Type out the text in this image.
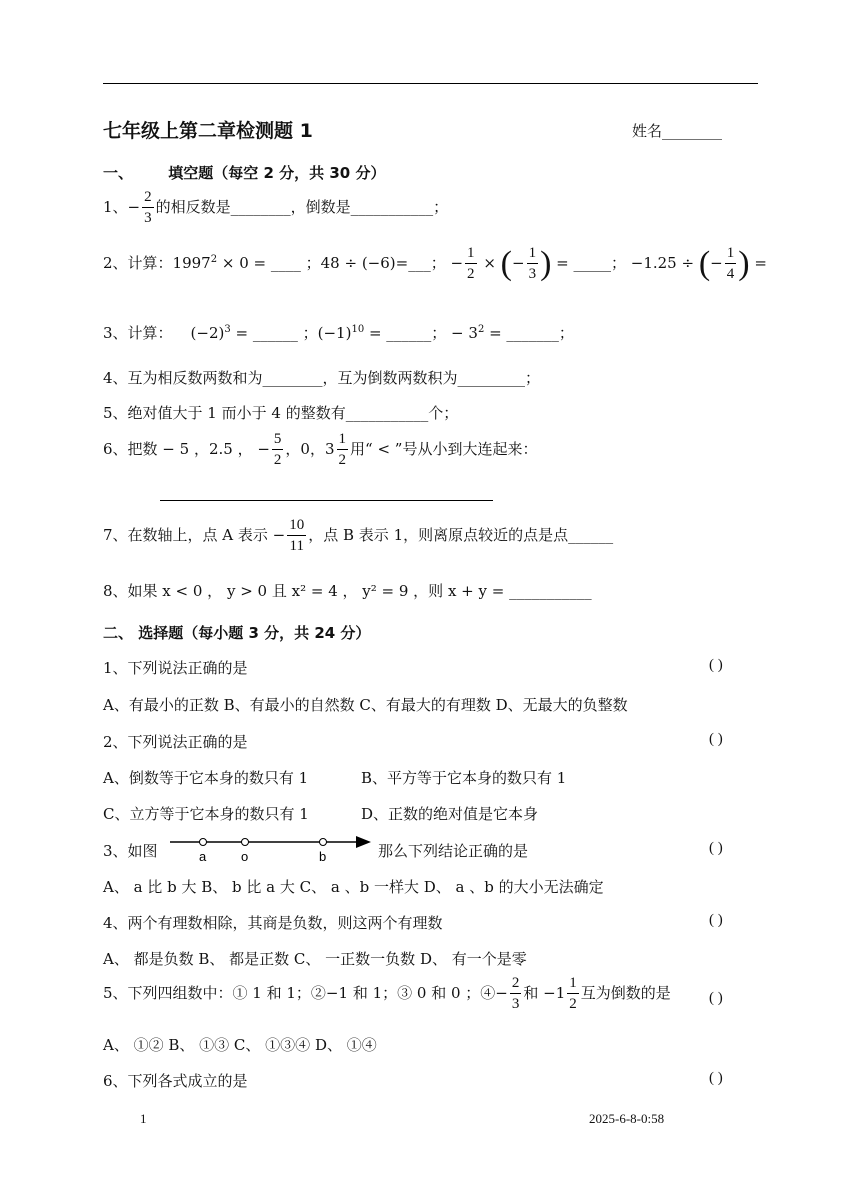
七年级上第二章检测题 1	姓名________
一、 填空题（每空 2 分，共 30 分）
1、− $\frac{2}{3}$ 的相反数是________，倒数是___________；
2、计算：$1997^2 \times 0$ = ____ ；48 ÷ (−6)=___； − $\frac{1}{2}$ × (− $\frac{1}{3}$ ) = _____； −1.25 ÷ (− $\frac{1}{4}$ ) =
3、计算： $(-2)^3$ = ______ ；$(-1)^{10}$ = ______； − $3^2$ = _______；
4、互为相反数两数和为________，互为倒数两数积为_________；
5、绝对值大于 1 而小于 4 的整数有___________个；
6、把数 − 5 ，2.5 ， − $\frac{5}{2}$ ，0，$3 \frac{1}{2}$ 用“ < ”号从小到大连起来：
7、在数轴上，点 A 表示 − $\frac{10}{11}$ ，点 B 表示 1，则离原点较近的点是点______
8、如果 x < 0 ， y > 0 且 x² = 4 ， y² = 9 ，则 x + y = ___________
二、 选择题（每小题 3 分，共 24 分）
1、下列说法正确的是	( )
A、有最小的正数 B、有最小的自然数 C、有最大的有理数 D、无最大的负整数
2、下列说法正确的是	( )
A、倒数等于它本身的数只有 1	B、平方等于它本身的数只有 1
C、立方等于它本身的数只有 1	D、正数的绝对值是它本身
3、如图	a	o	b	那么下列结论正确的是	( )
A、 a 比 b 大 B、 b 比 a 大 C、 a 、b 一样大 D、 a 、b 的大小无法确定
4、两个有理数相除，其商是负数，则这两个有理数	( )
A、 都是负数 B、 都是正数 C、 一正数一负数 D、 有一个是零
5、下列四组数中：① 1 和 1；②−1 和 1；③ 0 和 0 ；④− $\frac{2}{3}$ 和 $-1 \frac{1}{2}$ 互为倒数的是	( )
A、 ①② B、 ①③ C、 ①③④ D、 ①④
6、下列各式成立的是	( )
1	2025-6-8-0:58
